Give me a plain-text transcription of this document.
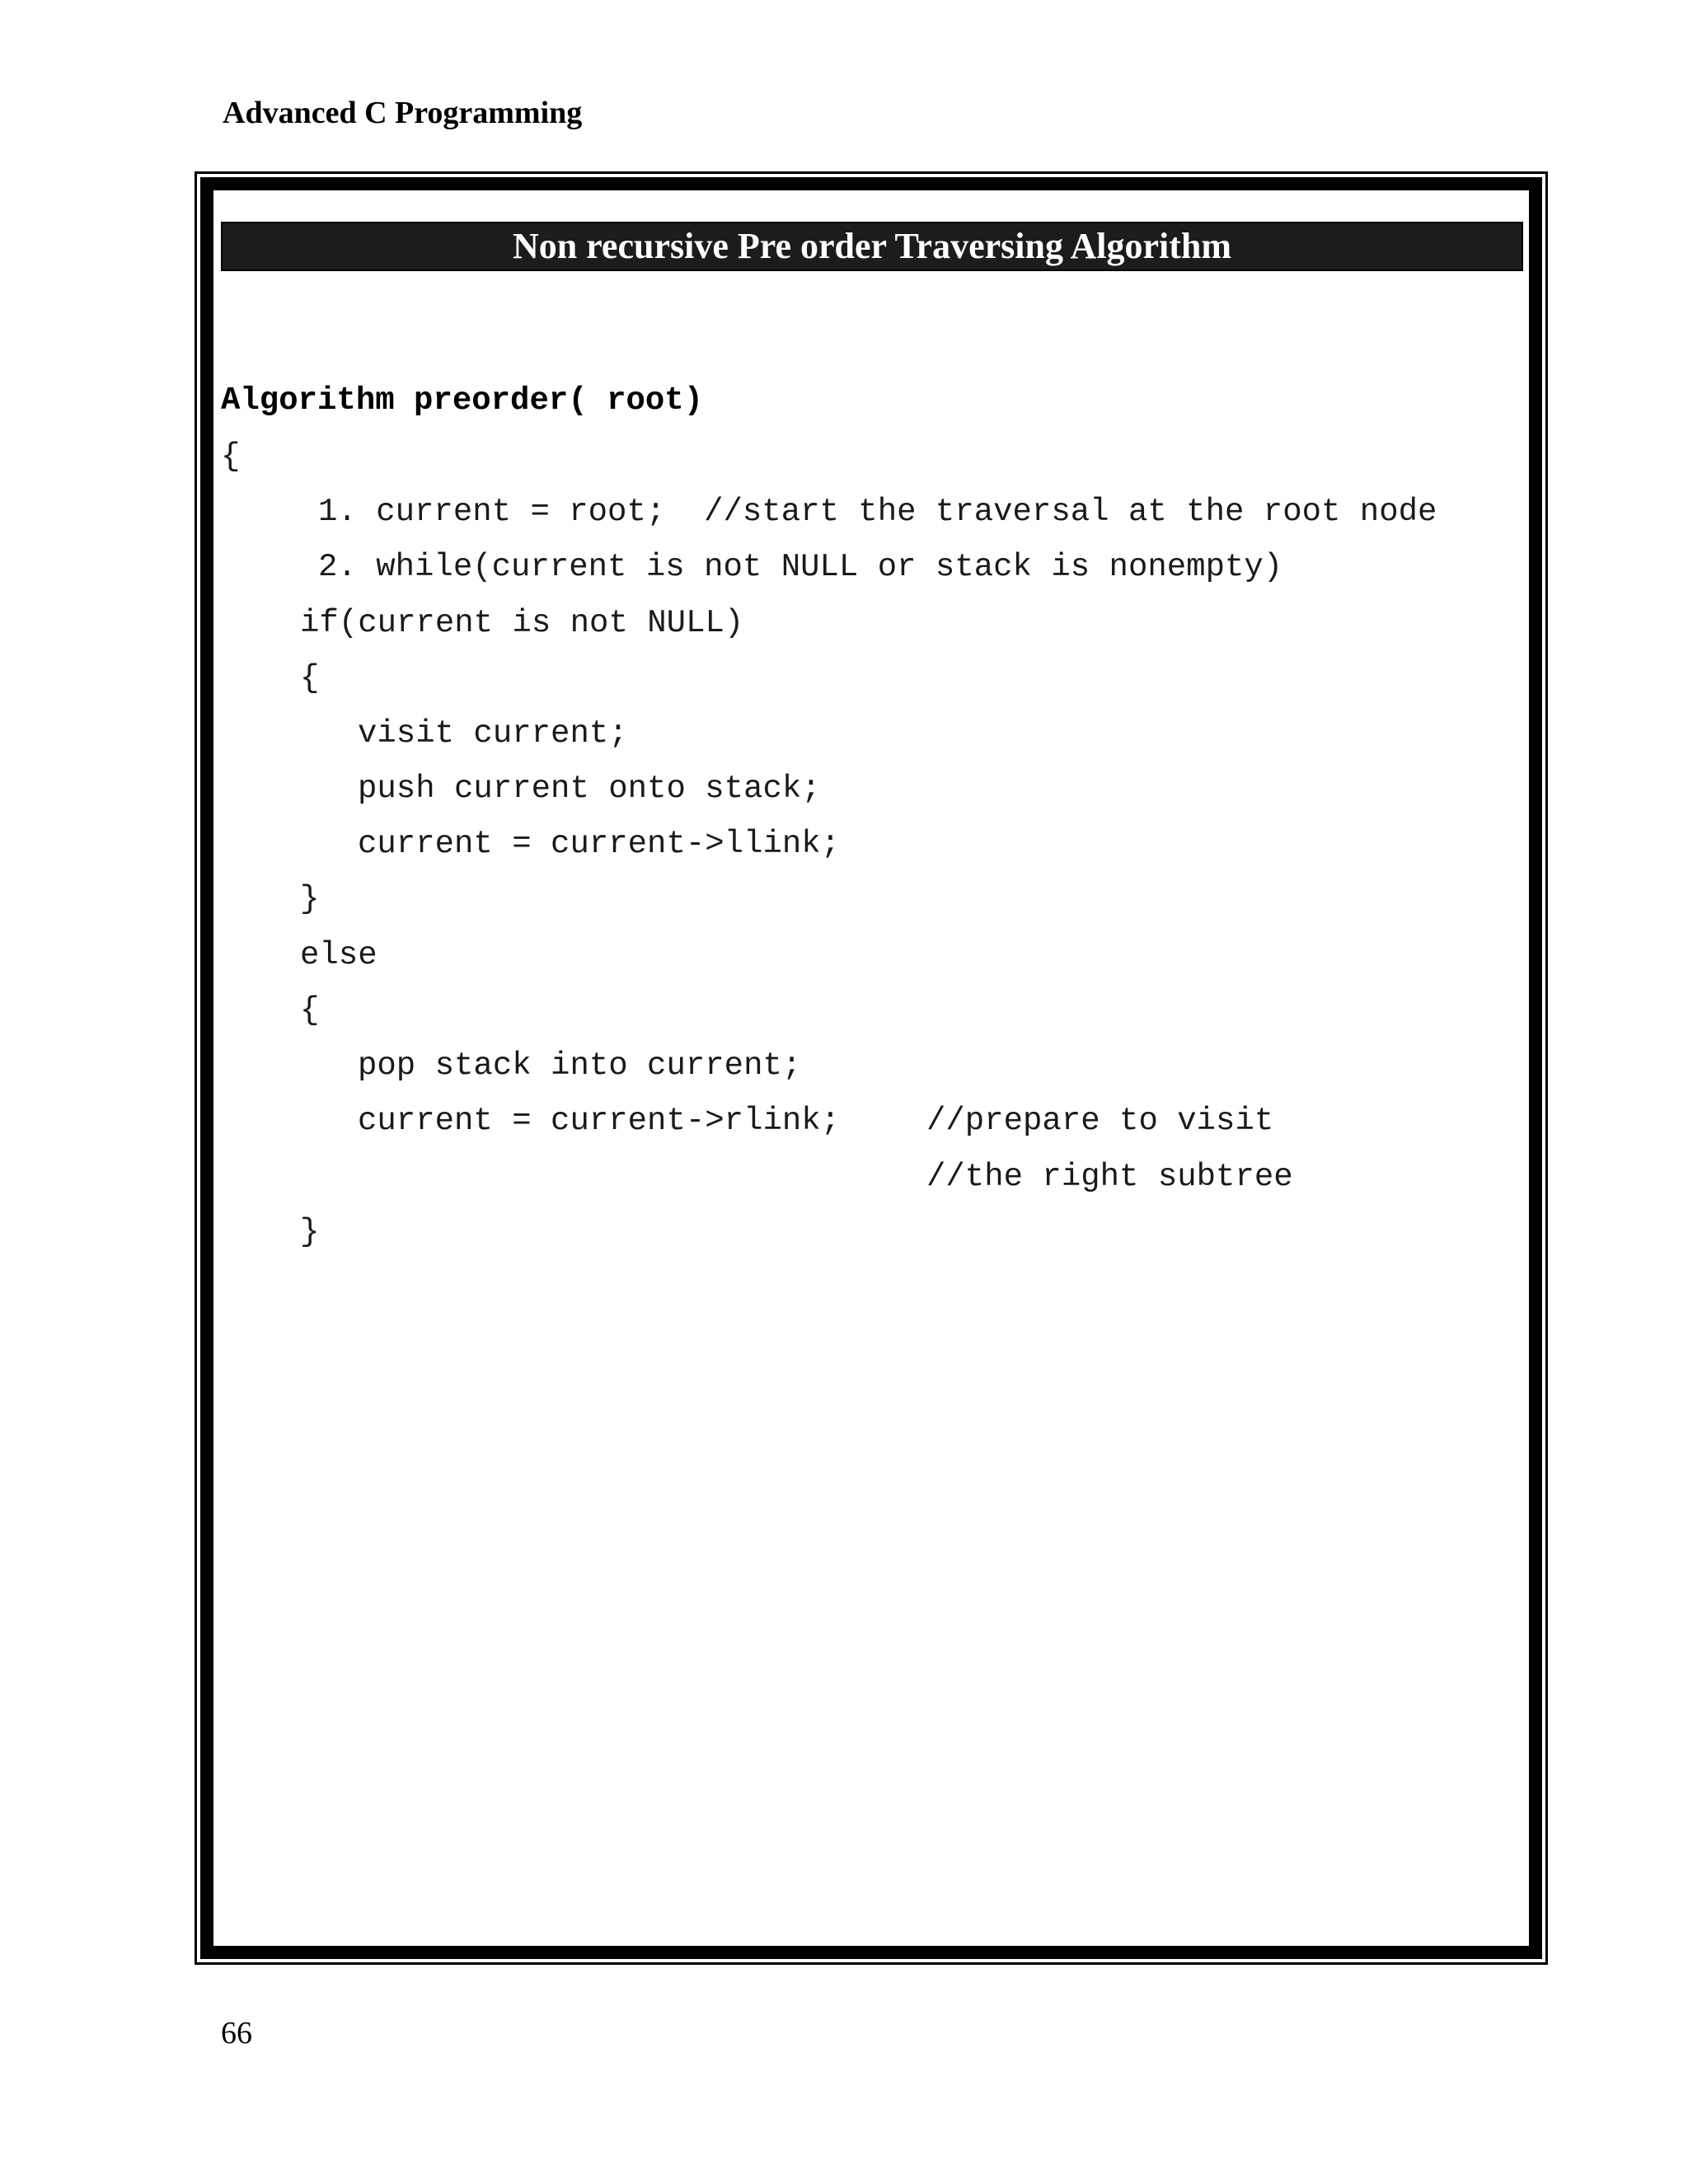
Advanced C Programming
Non recursive Pre order Traversing Algorithm
Algorithm preorder( root)
{
1. current = root;  //start the traversal at the root node
2. while(current is not NULL or stack is nonempty)
if(current is not NULL)
{
visit current;
push current onto stack;
current = current->llink;
}
else
{
pop stack into current;
current = current->rlink;	//prepare to visit
//the right subtree
}
66
